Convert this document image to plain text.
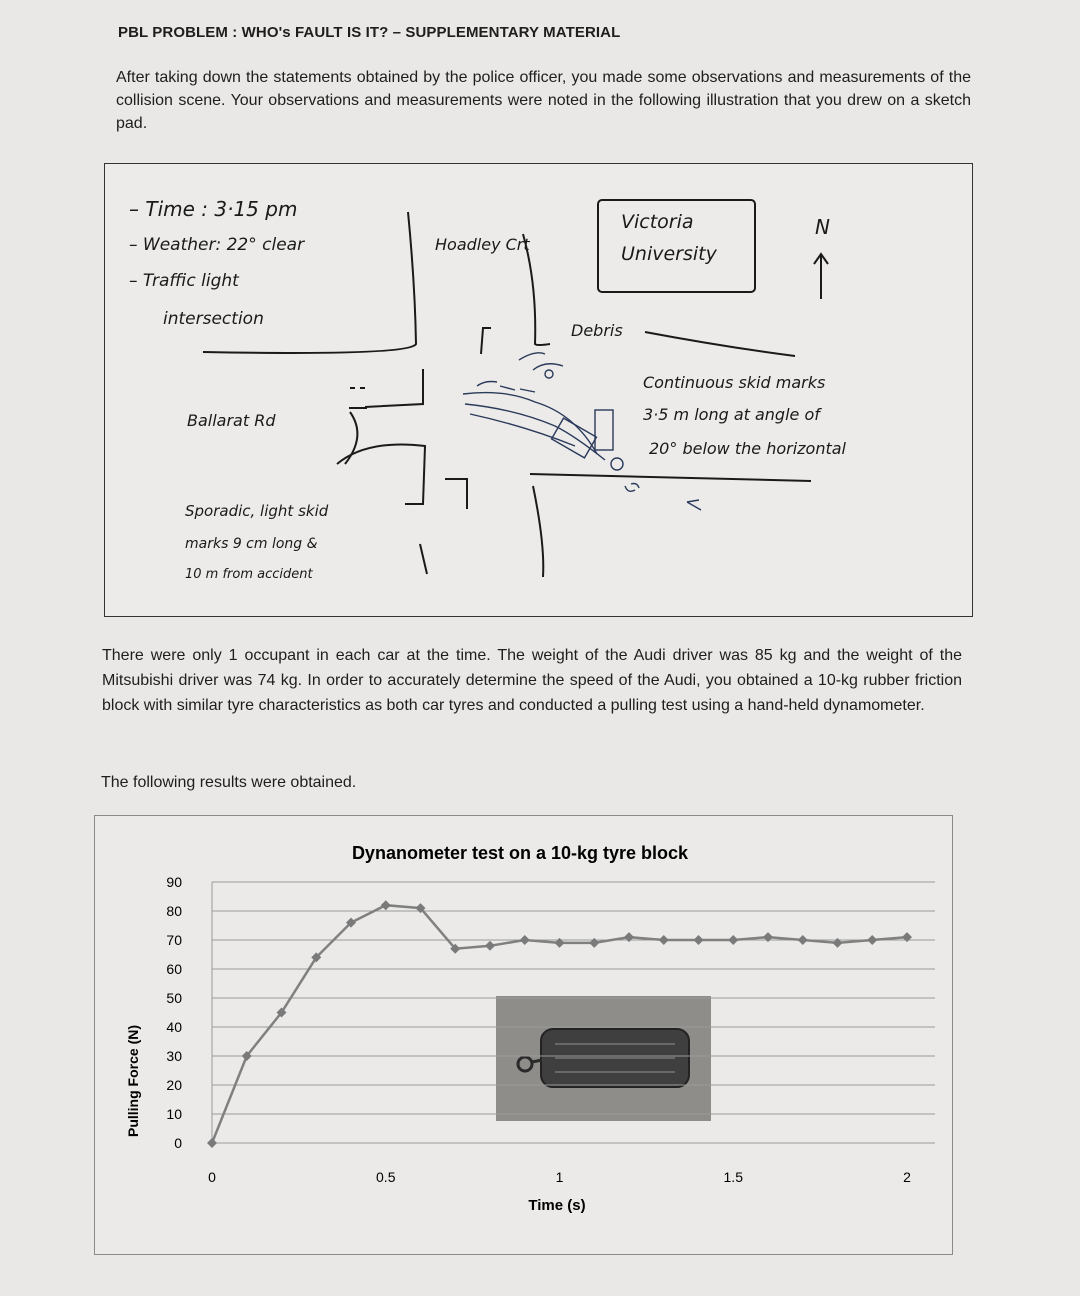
PBL PROBLEM : WHO's FAULT IS IT? – SUPPLEMENTARY MATERIAL
After taking down the statements obtained by the police officer, you made some observations and measurements of the collision scene. Your observations and measurements were noted in the following illustration that you drew on a sketch pad.
– Time : 3·15 pm
– Weather: 22° clear
– Traffic light
intersection
Ballarat Rd
Hoadley Crt
Victoria
University
N
Debris
Continuous skid marks
3·5 m long at angle of
20° below the horizontal
Sporadic, light skid
marks 9 cm long &
10 m from accident
There were only 1 occupant in each car at the time. The weight of the Audi driver was 85 kg and the weight of the Mitsubishi driver was 74 kg. In order to accurately determine the speed of the Audi, you obtained a 10-kg rubber friction block with similar tyre characteristics as both car tyres and conducted a pulling test using a hand-held dynamometer.
The following results were obtained.
Dynanometer test on a 10-kg tyre block
0
10
20
30
40
50
60
70
80
90
0	0.5	1	1.5	2
Pulling Force (N)
Time (s)
